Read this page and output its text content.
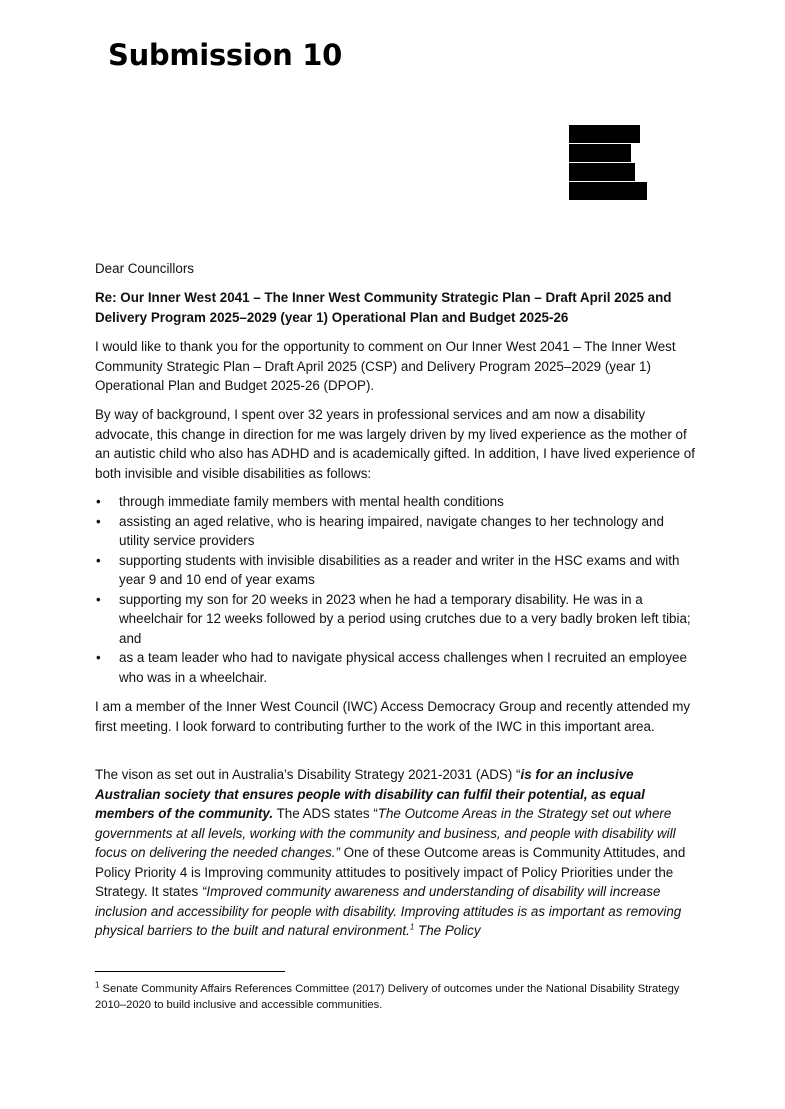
Submission 10

Dear Councillors

Re: Our Inner West 2041 – The Inner West Community Strategic Plan – Draft April 2025 and Delivery Program 2025–2029 (year 1) Operational Plan and Budget 2025-26

I would like to thank you for the opportunity to comment on Our Inner West 2041 – The Inner West Community Strategic Plan – Draft April 2025 (CSP) and Delivery Program 2025–2029 (year 1) Operational Plan and Budget 2025-26 (DPOP).

By way of background, I spent over 32 years in professional services and am now a disability advocate, this change in direction for me was largely driven by my lived experience as the mother of an autistic child who also has ADHD and is academically gifted. In addition, I have lived experience of both invisible and visible disabilities as follows:

• through immediate family members with mental health conditions
• assisting an aged relative, who is hearing impaired, navigate changes to her technology and utility service providers
• supporting students with invisible disabilities as a reader and writer in the HSC exams and with year 9 and 10 end of year exams
• supporting my son for 20 weeks in 2023 when he had a temporary disability. He was in a wheelchair for 12 weeks followed by a period using crutches due to a very badly broken left tibia; and
• as a team leader who had to navigate physical access challenges when I recruited an employee who was in a wheelchair.

I am a member of the Inner West Council (IWC) Access Democracy Group and recently attended my first meeting. I look forward to contributing further to the work of the IWC in this important area.

The vison as set out in Australia’s Disability Strategy 2021-2031 (ADS) “is for an inclusive Australian society that ensures people with disability can fulfil their potential, as equal members of the community. The ADS states “The Outcome Areas in the Strategy set out where governments at all levels, working with the community and business, and people with disability will focus on delivering the needed changes.” One of these Outcome areas is Community Attitudes, and Policy Priority 4 is Improving community attitudes to positively impact of Policy Priorities under the Strategy. It states “Improved community awareness and understanding of disability will increase inclusion and accessibility for people with disability. Improving attitudes is as important as removing physical barriers to the built and natural environment.$^1$ The Policy

$^1$ Senate Community Affairs References Committee (2017) Delivery of outcomes under the National Disability Strategy 2010–2020 to build inclusive and accessible communities.
